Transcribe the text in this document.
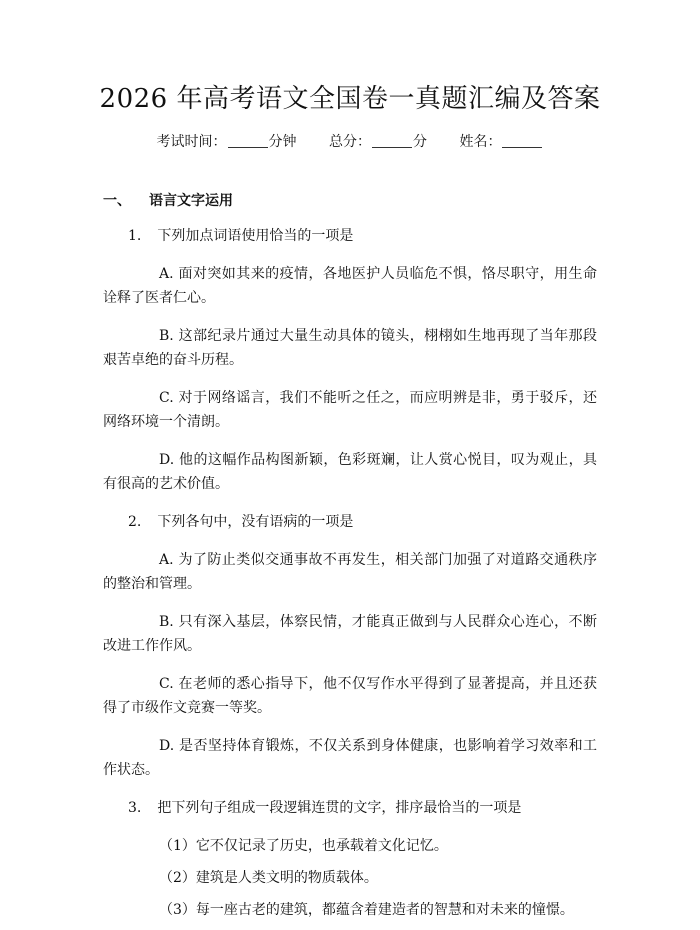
2026 年高考语文全国卷一真题汇编及答案
考试时间：	分钟 总分：	分 姓名：
一、 语言文字运用
1. 下列加点词语使用恰当的一项是
A. 面对突如其来的疫情，各地医护人员临危不惧，恪尽职守，用生命诠释了医者仁心。
B. 这部纪录片通过大量生动具体的镜头，栩栩如生地再现了当年那段艰苦卓绝的奋斗历程。
C. 对于网络谣言，我们不能听之任之，而应明辨是非，勇于驳斥，还网络环境一个清朗。
D. 他的这幅作品构图新颖，色彩斑斓，让人赏心悦目，叹为观止，具有很高的艺术价值。
2. 下列各句中，没有语病的一项是
A. 为了防止类似交通事故不再发生，相关部门加强了对道路交通秩序的整治和管理。
B. 只有深入基层，体察民情，才能真正做到与人民群众心连心，不断改进工作作风。
C. 在老师的悉心指导下，他不仅写作水平得到了显著提高，并且还获得了市级作文竞赛一等奖。
D. 是否坚持体育锻炼，不仅关系到身体健康，也影响着学习效率和工作状态。
3. 把下列句子组成一段逻辑连贯的文字，排序最恰当的一项是
（1）它不仅记录了历史，也承载着文化记忆。
（2）建筑是人类文明的物质载体。
（3）每一座古老的建筑，都蕴含着建造者的智慧和对未来的憧憬。
